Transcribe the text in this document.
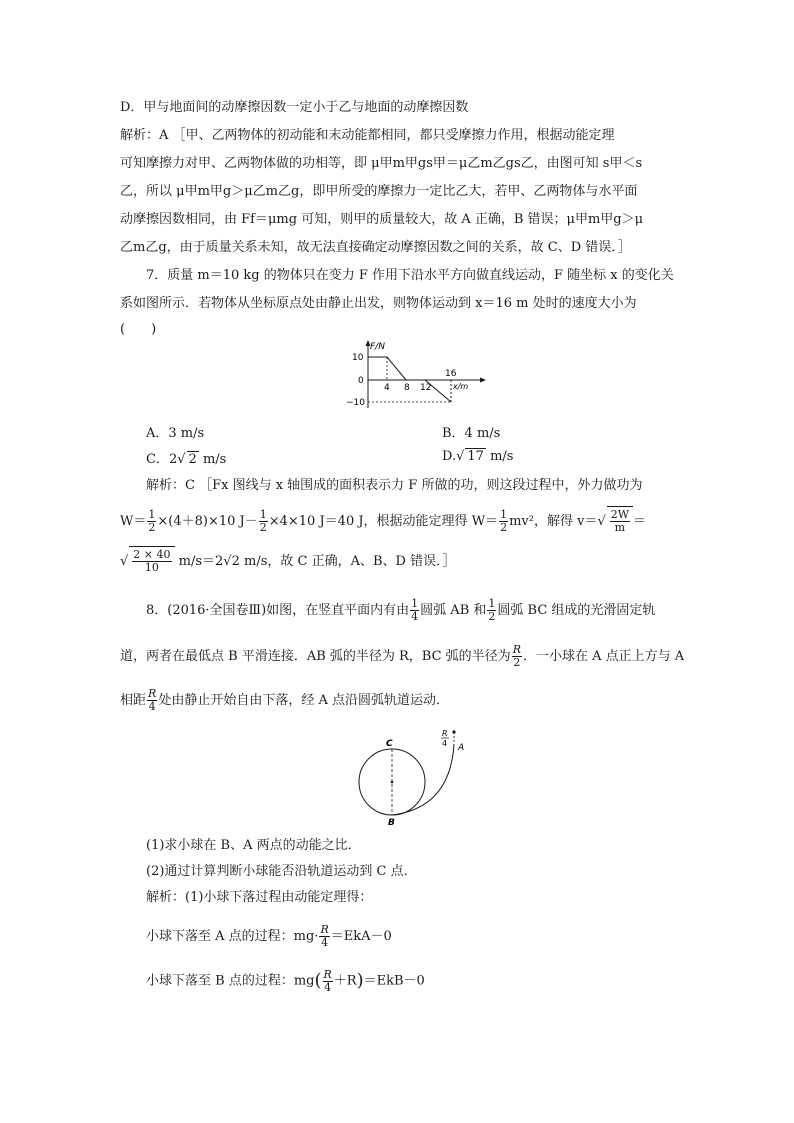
D．甲与地面间的动摩擦因数一定小于乙与地面的动摩擦因数
解析：A ［甲、乙两物体的初动能和末动能都相同，都只受摩擦力作用，根据动能定理
可知摩擦力对甲、乙两物体做的功相等，即 μ甲m甲gs甲＝μ乙m乙gs乙，由图可知 s甲＜s
乙，所以 μ甲m甲g＞μ乙m乙g，即甲所受的摩擦力一定比乙大，若甲、乙两物体与水平面
动摩擦因数相同，由 Ff＝μmg 可知，则甲的质量较大，故 A 正确，B 错误；μ甲m甲g＞μ
乙m乙g，由于质量关系未知，故无法直接确定动摩擦因数之间的关系，故 C、D 错误．］
7．质量 m＝10 kg 的物体只在变力 F 作用下沿水平方向做直线运动，F 随坐标 x 的变化关
系如图所示．若物体从坐标原点处由静止出发，则物体运动到 x＝16 m 处时的速度大小为
(　　)
F/N
x/m
10
0
−10
4 8 12
16
A．3 m/s	B．4 m/s
C．2√ 2 m/s	D.√ 17 m/s
解析：C ［Fx 图线与 x 轴围成的面积表示力 F 所做的功，则这段过程中，外力做功为
$W= \frac{1}{2} \times(4+8)\times 10$ $J- \frac{1}{2} \times 4\times 10$ J＝40 J，根据动能定理得 $W= \frac{1}{2} mv^2$，解得 $v=√ \frac{2W}{m}$ ＝
√
$\frac{2 \times 40}{10} m/s=2√2$ m/s，故 C 正确，A、B、D 错误．］
8．(2016·全国卷Ⅲ)如图，在竖直平面内有由 $\frac{1}{4}$ 圆弧 AB 和 $\frac{1}{2}$ 圆弧 BC 组成的光滑固定轨
道，两者在最低点 B 平滑连接．AB 弧的半径为 R，BC 弧的半径为 $\frac{R}{2}$ ．一小球在 A 点正上方与 A
相距 $\frac{R}{4}$ 处由静止开始自由下落，经 A 点沿圆弧轨道运动．
C
B
A
R
4
(1)求小球在 B、A 两点的动能之比．
(2)通过计算判断小球能否沿轨道运动到 C 点．
解析：(1)小球下落过程由动能定理得：
小球下落至 A 点的过程：$mg\cdot \frac{R}{4} =EkA-0$
小球下落至 B 点的过程：$mg( \frac{R}{4} +R)=EkB-0$
